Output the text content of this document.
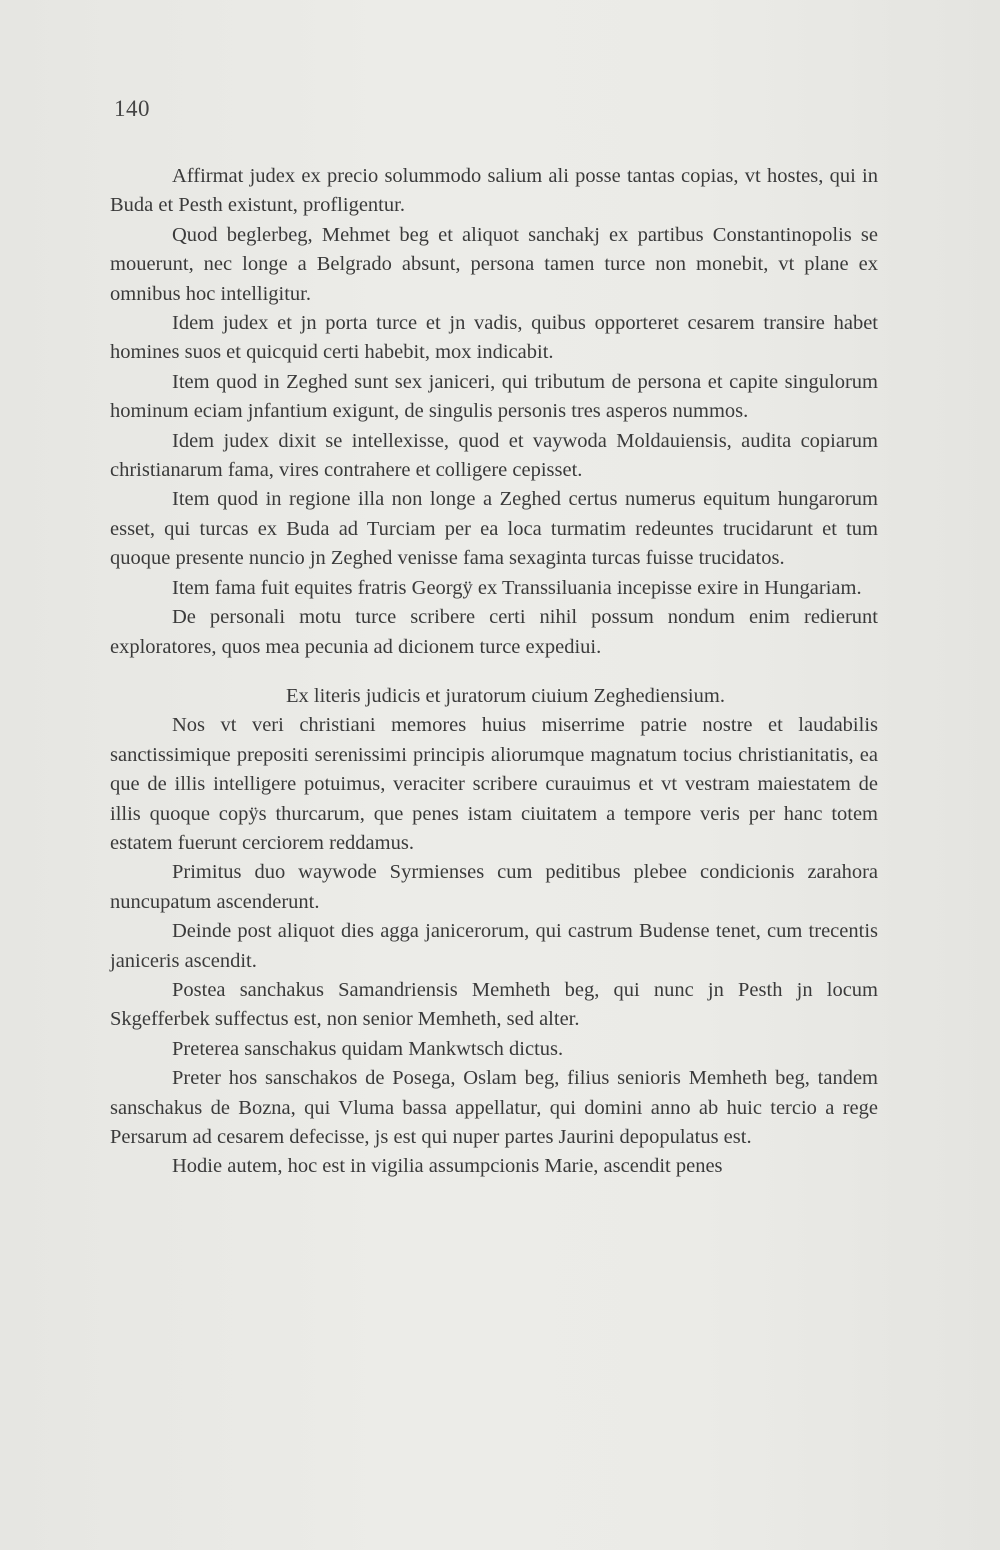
140

Affirmat judex ex precio solummodo salium ali posse tantas copias, vt hostes, qui in Buda et Pesth existunt, profligentur.

Quod beglerbeg, Mehmet beg et aliquot sanchakj ex partibus Constantinopolis se mouerunt, nec longe a Belgrado absunt, persona tamen turce non monebit, vt plane ex omnibus hoc intelligitur.

Idem judex et jn porta turce et jn vadis, quibus opporteret cesarem transire habet homines suos et quicquid certi habebit, mox indicabit.

Item quod in Zeghed sunt sex janiceri, qui tributum de persona et capite singulorum hominum eciam jnfantium exigunt, de singulis personis tres asperos nummos.

Idem judex dixit se intellexisse, quod et vaywoda Moldauiensis, audita copiarum christianarum fama, vires contrahere et colligere cepisset.

Item quod in regione illa non longe a Zeghed certus numerus equitum hungarorum esset, qui turcas ex Buda ad Turciam per ea loca turmatim redeuntes trucidarunt et tum quoque presente nuncio jn Zeghed venisse fama sexaginta turcas fuisse trucidatos.

Item fama fuit equites fratris Georgÿ ex Transsiluania incepisse exire in Hungariam.

De personali motu turce scribere certi nihil possum nondum enim redierunt exploratores, quos mea pecunia ad dicionem turce expediui.

Ex literis judicis et juratorum ciuium Zeghediensium.

Nos vt veri christiani memores huius miserrime patrie nostre et laudabilis sanctissimique prepositi serenissimi principis aliorumque magnatum tocius christianitatis, ea que de illis intelligere potuimus, veraciter scribere curauimus et vt vestram maiestatem de illis quoque copÿs thurcarum, que penes istam ciuitatem a tempore veris per hanc totem estatem fuerunt cerciorem reddamus.

Primitus duo waywode Syrmienses cum peditibus plebee condicionis zarahora nuncupatum ascenderunt.

Deinde post aliquot dies agga janicerorum, qui castrum Budense tenet, cum trecentis janiceris ascendit.

Postea sanchakus Samandriensis Memheth beg, qui nunc jn Pesth jn locum Skgefferbek suffectus est, non senior Memheth, sed alter.

Preterea sanschakus quidam Mankwtsch dictus.

Preter hos sanschakos de Posega, Oslam beg, filius senioris Memheth beg, tandem sanschakus de Bozna, qui Vluma bassa appellatur, qui domini anno ab huic tercio a rege Persarum ad cesarem defecisse, js est qui nuper partes Jaurini depopulatus est.

Hodie autem, hoc est in vigilia assumpcionis Marie, ascendit penes
